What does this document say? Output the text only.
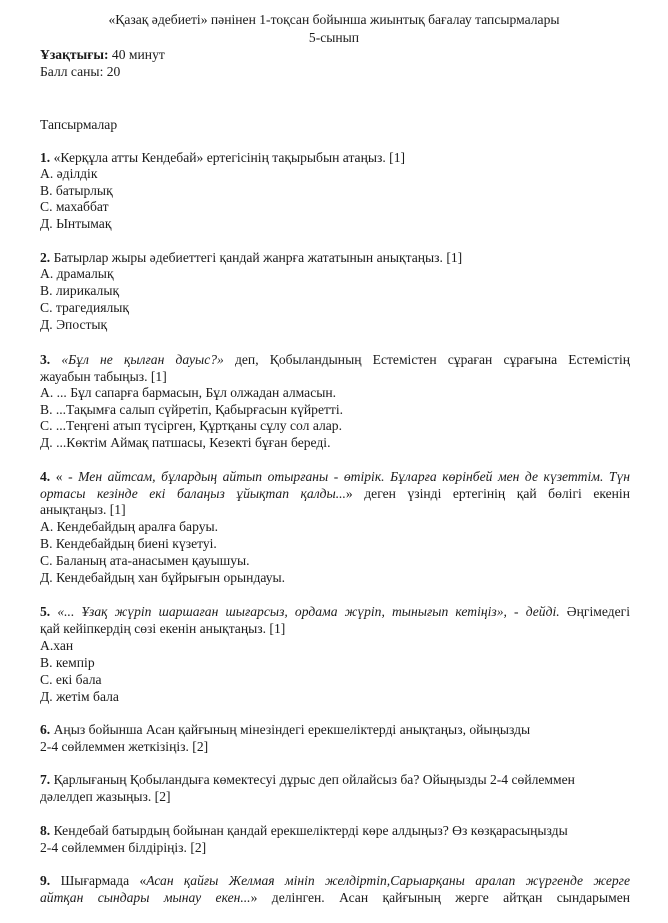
«Қазақ әдебиеті» пәнінен 1-тоқсан бойынша жиынтық бағалау тапсырмалары
5-сынып
Ұзақтығы: 40 минут
Балл саны: 20
Тапсырмалар
1. «Керқұла атты Кендебай» ертегісінің тақырыбын атаңыз. [1]
А. әділдік
В. батырлық
С. махаббат
Д. Ынтымақ
2. Батырлар жыры әдебиеттегі қандай жанрға жататынын анықтаңыз. [1]
А. драмалық
В. лирикалық
С. трагедиялық
Д. Эпостық
3. «Бұл не қылған дауыс?» деп, Қобыландының Естемістен сұраған сұрағына Естемістің
жауабын табыңыз. [1]
А. ... Бұл сапарға бармасын, Бұл олжадан алмасын.
В. ...Тақымға салып сүйретіп, Қабырғасын күйретті.
С. ...Теңгені атып түсірген, Құртқаны сұлу сол алар.
Д. ...Көктім Аймақ патшасы, Кезекті бұған береді.
4. « - Мен айтсам, бұлардың айтып отырғаны - өтірік. Бұларға көрінбей мен де күзеттім. Түн
ортасы кезінде екі балаңыз ұйықтап қалды...» деген үзінді ертегінің қай бөлігі екенін
анықтаңыз. [1]
А. Кендебайдың аралға баруы.
В. Кендебайдың биені күзетуі.
С. Баланың ата-анасымен қауышуы.
Д. Кендебайдың хан бұйрығын орындауы.
5. «... Ұзақ жүріп шаршаған шығарсыз, ордама жүріп, тынығып кетіңіз», - дейді. Әңгімедегі
қай кейіпкердің сөзі екенін анықтаңыз. [1]
А.хан
В. кемпір
С. екі бала
Д. жетім бала
6. Аңыз бойынша Асан қайғының мінезіндегі ерекшеліктерді анықтаңыз, ойыңызды
2-4 сөйлеммен жеткізіңіз. [2]
7. Қарлығаның Қобыландыға көмектесуі дұрыс деп ойлайсыз ба? Ойыңызды 2-4 сөйлеммен
дәлелдеп жазыңыз. [2]
8. Кендебай батырдың бойынан қандай ерекшеліктерді көре алдыңыз? Өз көзқарасыңызды
2-4 сөйлеммен білдіріңіз. [2]
9. Шығармада «Асан қайғы Желмая мініп желдіртіп,Сарыарқаны аралап жүргенде жерге
айтқан сындары мынау екен...» делінген. Асан қайғының жерге айтқан сындарымен
